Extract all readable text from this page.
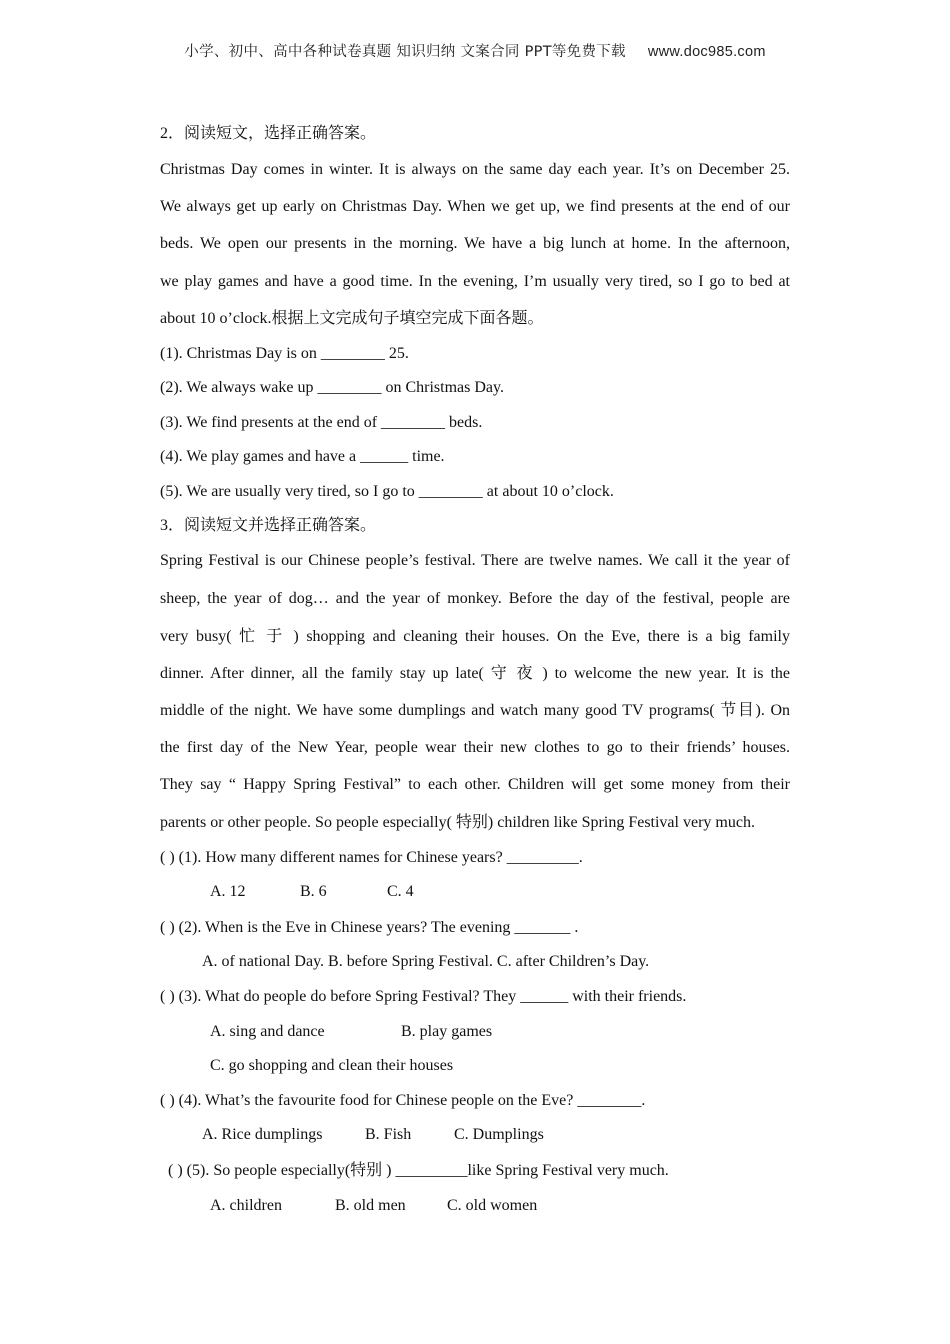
小学、初中、高中各种试卷真题 知识归纳 文案合同 PPT等免费下载 www.doc985.com
2．阅读短文，选择正确答案。
Christmas Day comes in winter. It is always on the same day each year. It’s on December 25.
We always get up early on Christmas Day. When we get up, we find presents at the end of our
beds. We open our presents in the morning. We have a big lunch at home. In the afternoon,
we play games and have a good time. In the evening, I’m usually very tired, so I go to bed at
about 10 o’clock.根据上文完成句子填空完成下面各题。
(1). Christmas Day is on ________ 25.
(2). We always wake up ________ on Christmas Day.
(3). We find presents at the end of ________ beds.
(4). We play games and have a ______ time.
(5). We are usually very tired, so I go to ________ at about 10 o’clock.
3．阅读短文并选择正确答案。
Spring Festival is our Chinese people’s festival. There are twelve names. We call it the year of
sheep, the year of dog… and the year of monkey. Before the day of the festival, people are
very busy( 忙 于 ) shopping and cleaning their houses. On the Eve, there is a big family
dinner. After dinner, all the family stay up late( 守 夜 ) to welcome the new year. It is the
middle of the night. We have some dumplings and watch many good TV programs( 节目). On
the first day of the New Year, people wear their new clothes to go to their friends’ houses.
They say “ Happy Spring Festival” to each other. Children will get some money from their
parents or other people. So people especially( 特别) children like Spring Festival very much.
( ) (1). How many different names for Chinese years? _________.
A. 12	B. 6	C. 4
( ) (2). When is the Eve in Chinese years? The evening _______ .
A. of national Day. B. before Spring Festival. C. after Children’s Day.
( ) (3). What do people do before Spring Festival? They ______ with their friends.
A. sing and dance	B. play games
C. go shopping and clean their houses
( ) (4). What’s the favourite food for Chinese people on the Eve? ________.
A. Rice dumplings	B. Fish	C. Dumplings
( ) (5). So people especially(特别 ) _________like Spring Festival very much.
A. children	B. old men	C. old women
